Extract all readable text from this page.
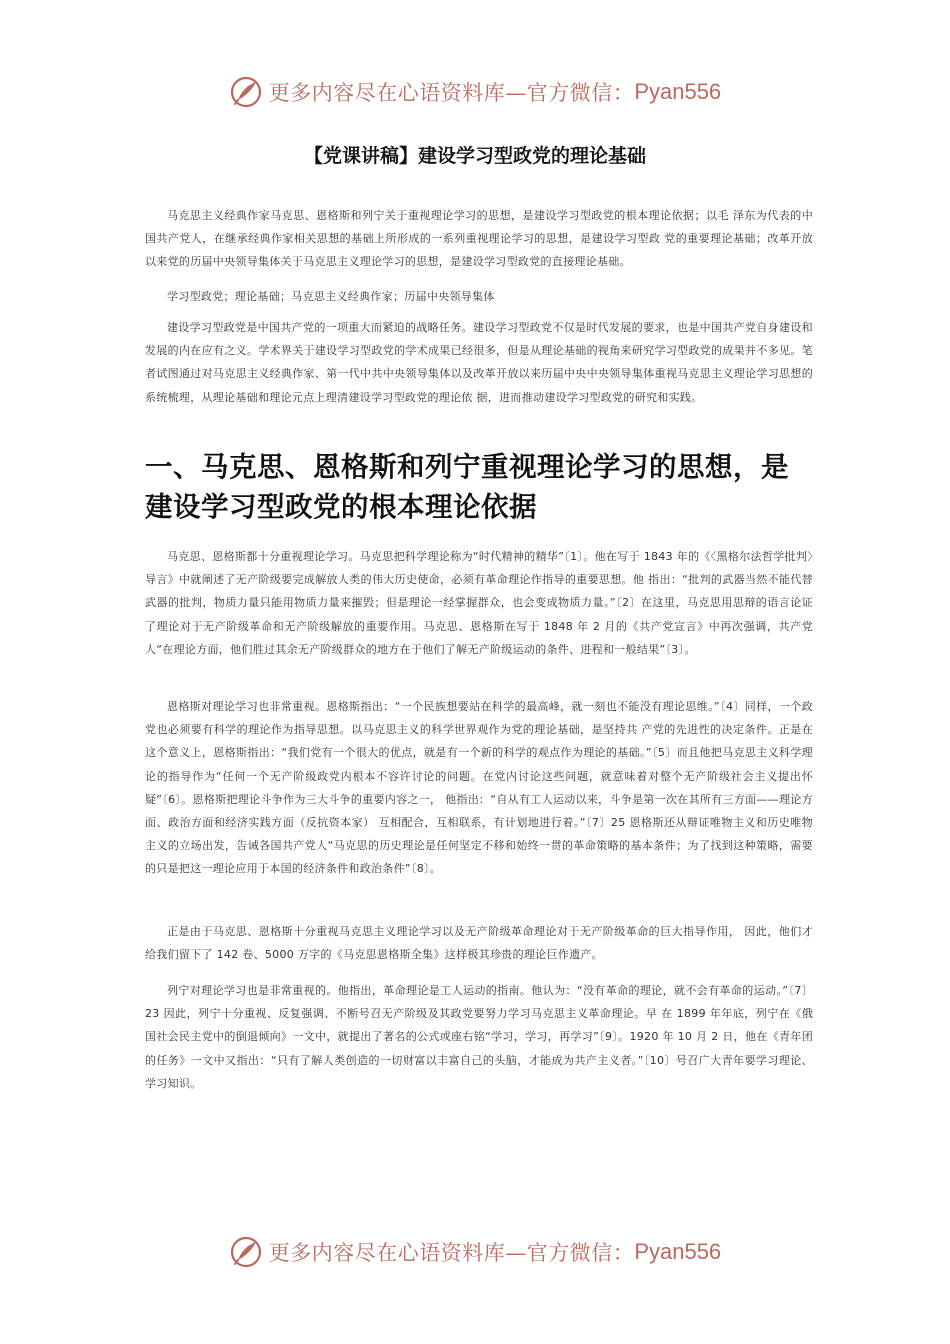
更多内容尽在心语资料库—官方微信： Pyan556
【党课讲稿】建设学习型政党的理论基础

马克思主义经典作家马克思、恩格斯和列宁关于重视理论学习的思想，是建设学习型政党的根本理论依据；以毛 泽东为代表的中国共产党人，在继承经典作家相关思想的基础上所形成的一系列重视理论学习的思想，是建设学习型政 党的重要理论基础；改革开放以来党的历届中央领导集体关于马克思主义理论学习的思想，是建设学习型政党的直接理论基础。

学习型政党；理论基础；马克思主义经典作家；历届中央领导集体

建设学习型政党是中国共产党的一项重大而紧迫的战略任务。建设学习型政党不仅是时代发展的要求，也是中国共产党自身建设和发展的内在应有之义。学术界关于建设学习型政党的学术成果已经很多，但是从理论基础的视角来研究学习型政党的成果并不多见。笔者试图通过对马克思主义经典作家、第一代中共中央领导集体以及改革开放以来历届中央中央领导集体重视马克思主义理论学习思想的系统梳理，从理论基础和理论元点上理清建设学习型政党的理论依 据，进而推动建设学习型政党的研究和实践。

一、马克思、恩格斯和列宁重视理论学习的思想，是建设学习型政党的根本理论依据

马克思、恩格斯都十分重视理论学习。马克思把科学理论称为“时代精神的精华”〔1〕。他在写于 1843 年的《〈黑格尔法哲学批判〉导言》中就阐述了无产阶级要完成解放人类的伟大历史使命，必须有革命理论作指导的重要思想。他 指出：“批判的武器当然不能代替武器的批判，物质力量只能用物质力量来摧毁；但是理论一经掌握群众，也会变成物质力量。”〔2〕在这里，马克思用思辩的语言论证了理论对于无产阶级革命和无产阶级解放的重要作用。马克思、恩格斯在写于 1848 年 2 月的《共产党宣言》中再次强调，共产党人“在理论方面，他们胜过其余无产阶级群众的地方在于他们了解无产阶级运动的条件、进程和一般结果”〔3〕。

恩格斯对理论学习也非常重视。恩格斯指出：“一个民族想要站在科学的最高峰，就一刻也不能没有理论思维。”〔4〕同样，一个政党也必须要有科学的理论作为指导思想。以马克思主义的科学世界观作为党的理论基础，是坚持共 产党的先进性的决定条件。正是在这个意义上，恩格斯指出：“我们党有一个很大的优点，就是有一个新的科学的观点作为理论的基础。”〔5〕而且他把马克思主义科学理论的指导作为“任何一个无产阶级政党内根本不容许讨论的问题。在党内讨论这些问题，就意味着对整个无产阶级社会主义提出怀疑”〔6〕。恩格斯把理论斗争作为三大斗争的重要内容之一， 他指出：“自从有工人运动以来，斗争是第一次在其所有三方面——理论方面、政治方面和经济实践方面（反抗资本家） 互相配合，互相联系，有计划地进行着。”〔7〕25 恩格斯还从辩证唯物主义和历史唯物主义的立场出发，告诫各国共产党人“马克思的历史理论是任何坚定不移和始终一贯的革命策略的基本条件；为了找到这种策略，需要的只是把这一理论应用于本国的经济条件和政治条件”〔8〕。

正是由于马克思、恩格斯十分重视马克思主义理论学习以及无产阶级革命理论对于无产阶级革命的巨大指导作用， 因此，他们才给我们留下了 142 卷、5000 万字的《马克思恩格斯全集》这样极其珍贵的理论巨作遗产。

列宁对理论学习也是非常重视的。他指出，革命理论是工人运动的指南。他认为：“没有革命的理论，就不会有革命的运动。”〔7〕23 因此，列宁十分重视、反复强调、不断号召无产阶级及其政党要努力学习马克思主义革命理论。早 在 1899 年年底，列宁在《俄国社会民主党中的倒退倾向》一文中，就提出了著名的公式或座右铭“学习，学习，再学习”〔9〕。1920 年 10 月 2 日，他在《青年团的任务》一文中又指出：“只有了解人类创造的一切财富以丰富自己的头脑，才能成为共产主义者。”〔10〕号召广大青年要学习理论、学习知识。

更多内容尽在心语资料库—官方微信： Pyan556
